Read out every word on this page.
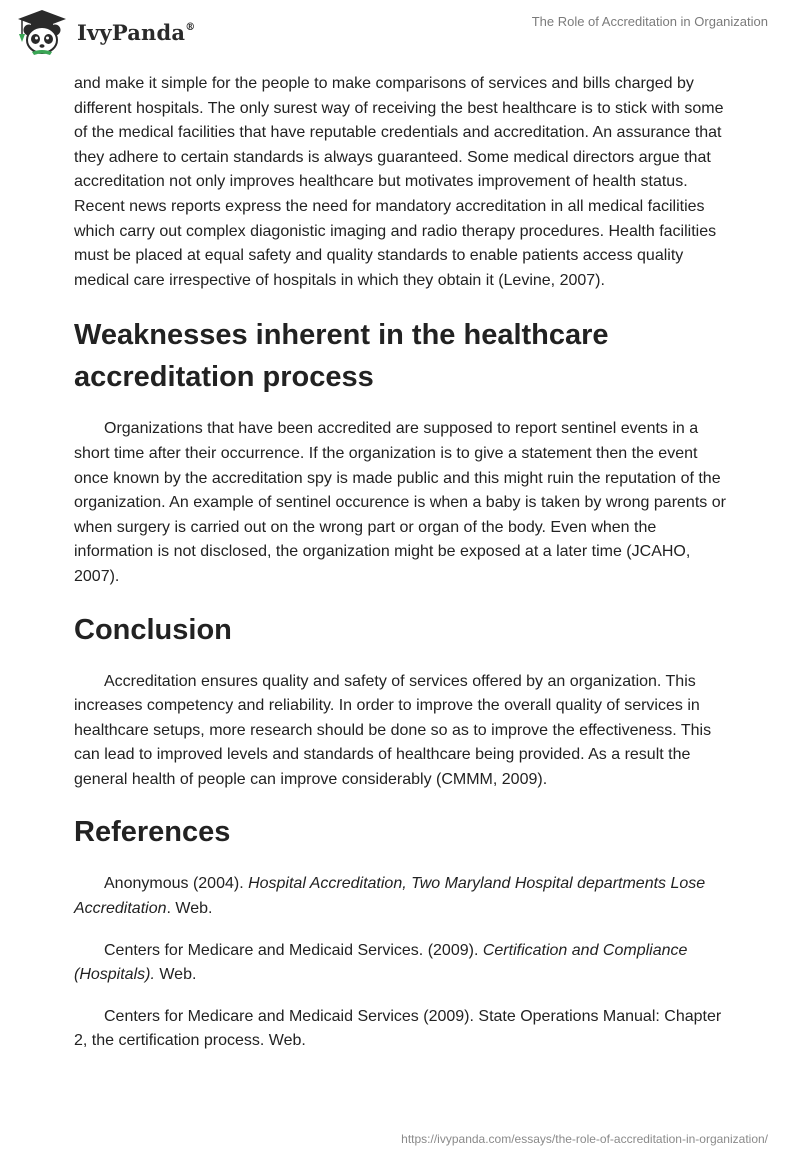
IvyPanda®	The Role of Accreditation in Organization

and make it simple for the people to make comparisons of services and bills charged by different hospitals. The only surest way of receiving the best healthcare is to stick with some of the medical facilities that have reputable credentials and accreditation. An assurance that they adhere to certain standards is always guaranteed. Some medical directors argue that accreditation not only improves healthcare but motivates improvement of health status. Recent news reports express the need for mandatory accreditation in all medical facilities which carry out complex diagonistic imaging and radio therapy procedures. Health facilities must be placed at equal safety and quality standards to enable patients access quality medical care irrespective of hospitals in which they obtain it (Levine, 2007).

Weaknesses inherent in the healthcare accreditation process

Organizations that have been accredited are supposed to report sentinel events in a short time after their occurrence. If the organization is to give a statement then the event once known by the accreditation spy is made public and this might ruin the reputation of the organization. An example of sentinel occurence is when a baby is taken by wrong parents or when surgery is carried out on the wrong part or organ of the body. Even when the information is not disclosed, the organization might be exposed at a later time (JCAHO, 2007).

Conclusion

Accreditation ensures quality and safety of services offered by an organization. This increases competency and reliability. In order to improve the overall quality of services in healthcare setups, more research should be done so as to improve the effectiveness. This can lead to improved levels and standards of healthcare being provided. As a result the general health of people can improve considerably (CMMM, 2009).

References

Anonymous (2004). Hospital Accreditation, Two Maryland Hospital departments Lose Accreditation. Web.

Centers for Medicare and Medicaid Services. (2009). Certification and Compliance (Hospitals). Web.

Centers for Medicare and Medicaid Services (2009). State Operations Manual: Chapter 2, the certification process. Web.

https://ivypanda.com/essays/the-role-of-accreditation-in-organization/
